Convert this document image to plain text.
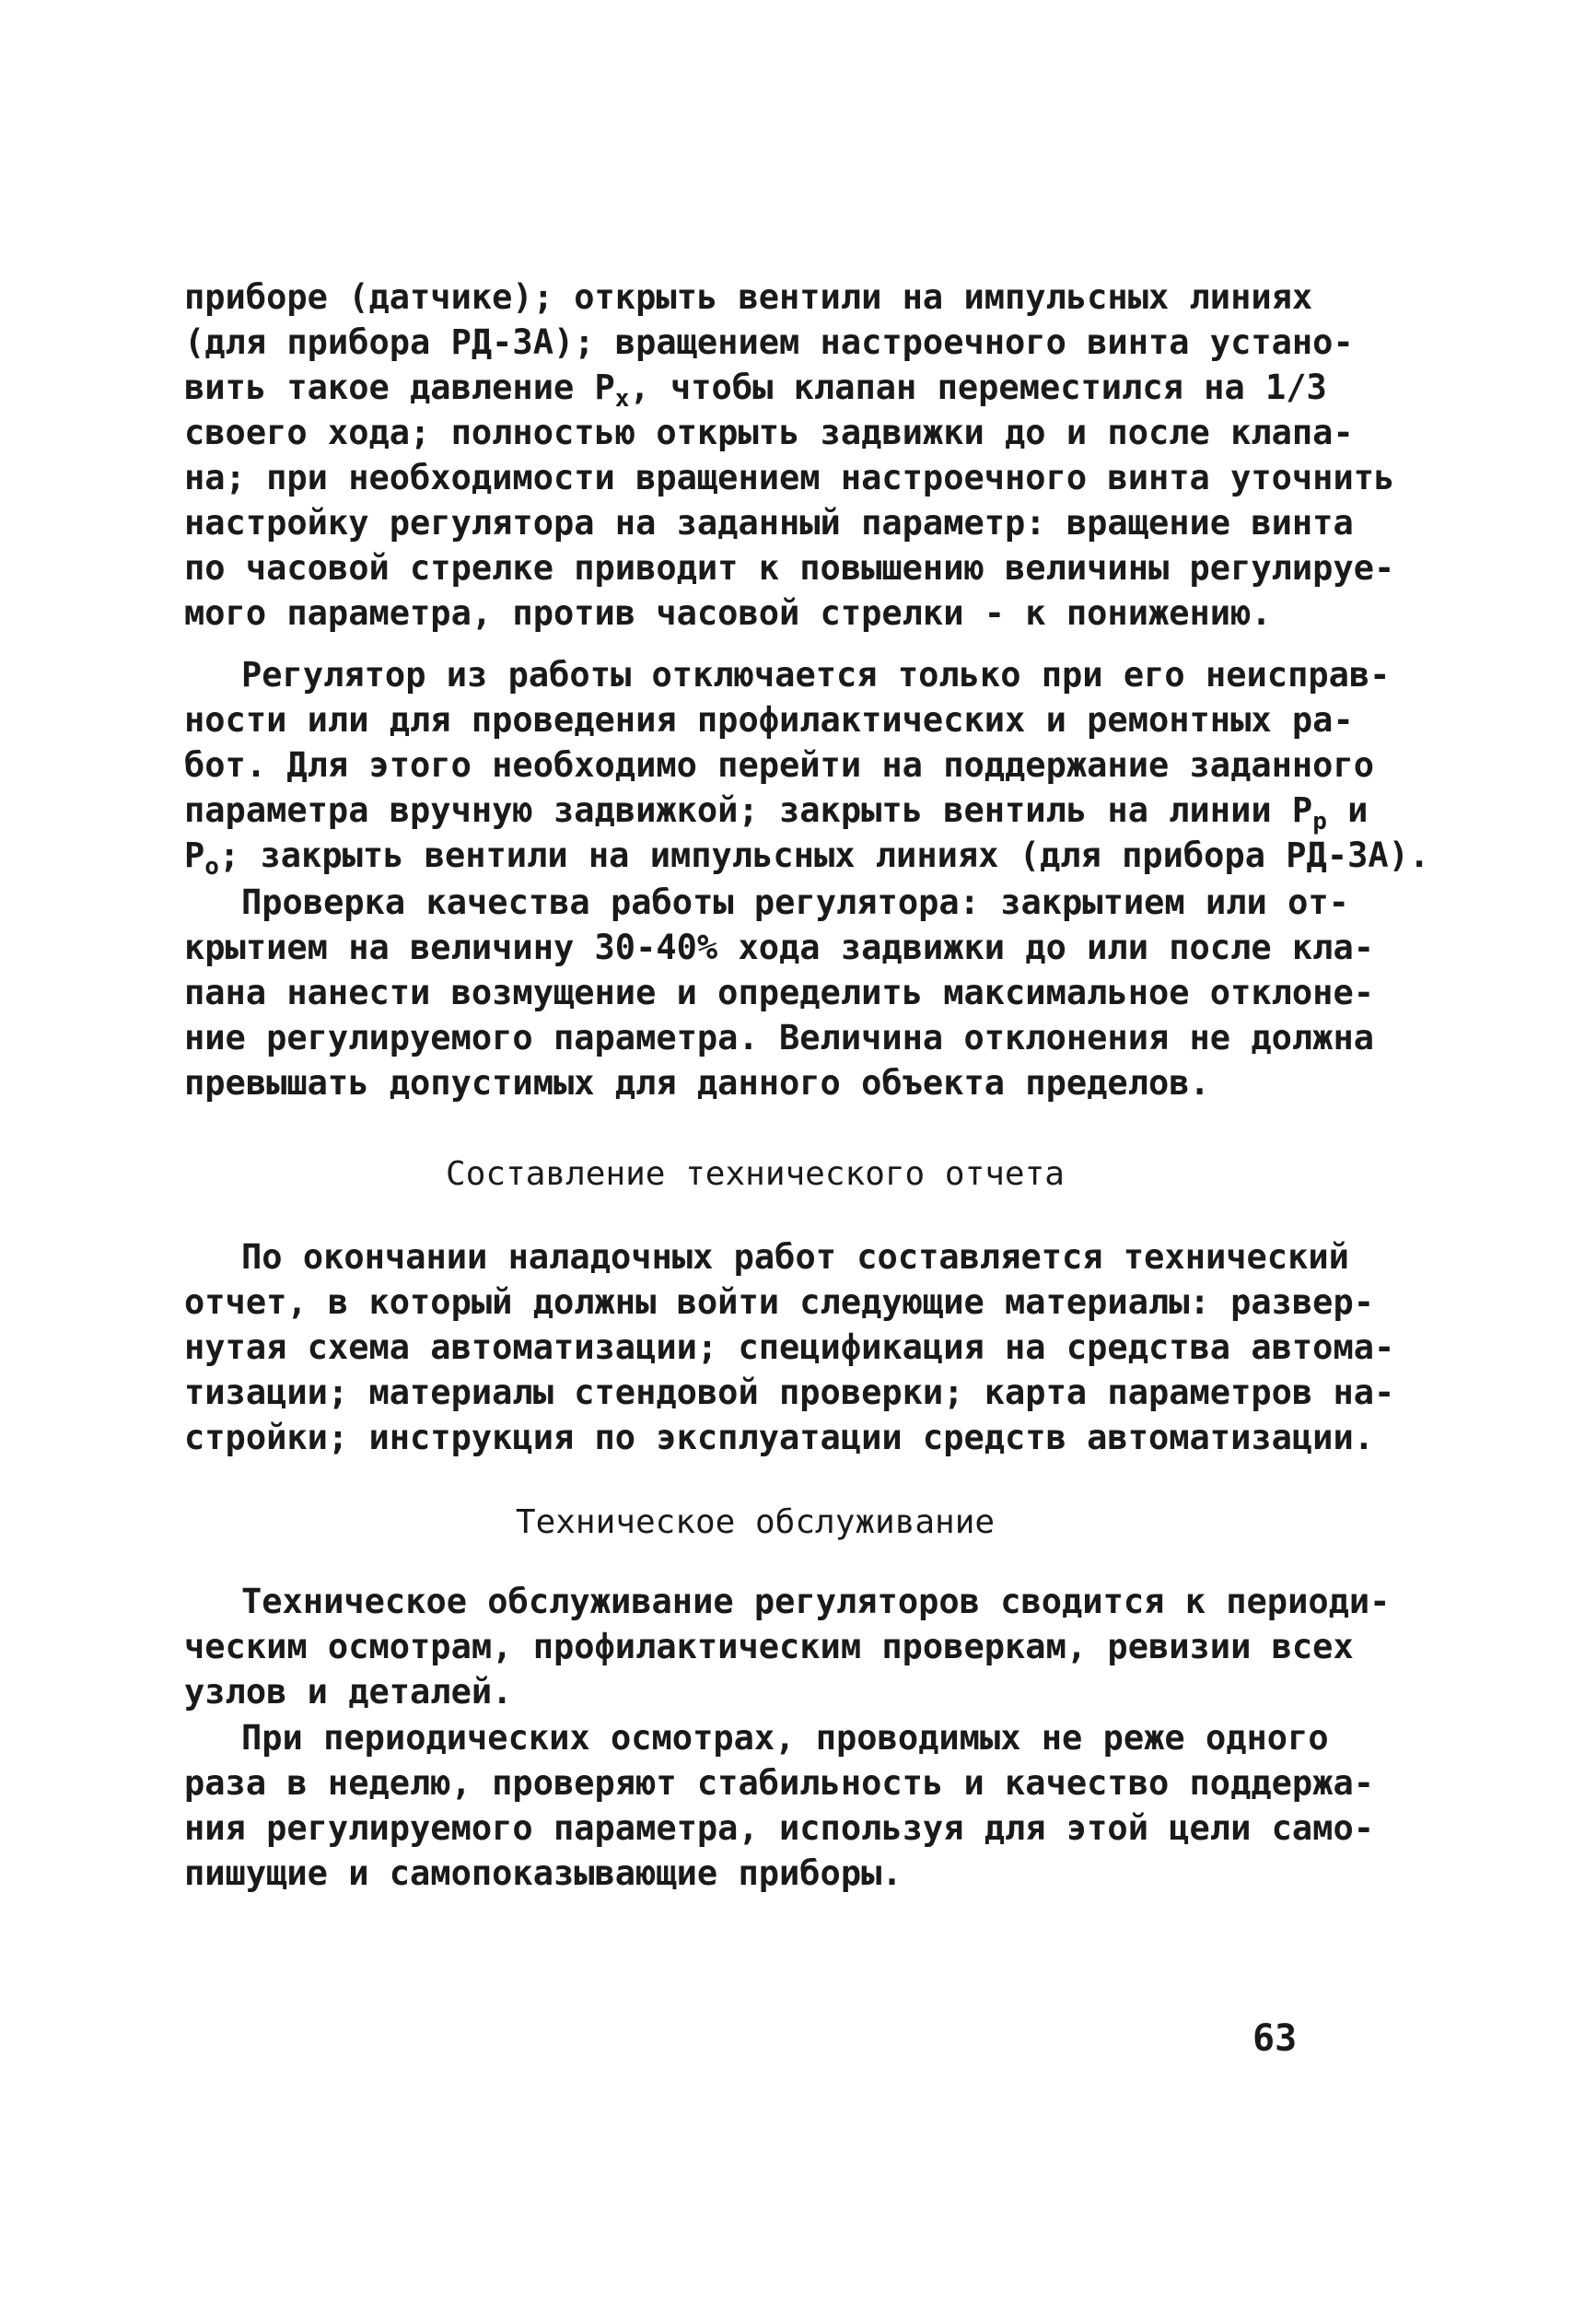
приборе (датчике); открыть вентили на импульсных линиях
(для прибора РД-3А); вращением настроечного винта устано-
вить такое давление $P_x$, чтобы клапан переместился на 1/3
своего хода; полностью открыть задвижки до и после клапа-
на; при необходимости вращением настроечного винта уточнить
настройку регулятора на заданный параметр: вращение винта
по часовой стрелке приводит к повышению величины регулируе-
мого параметра, против часовой стрелки - к понижению.

Регулятор из работы отключается только при его неисправ-
ности или для проведения профилактических и ремонтных ра-
бот. Для этого необходимо перейти на поддержание заданного
параметра вручную задвижкой; закрыть вентиль на линии $P_р$ и
$P_о$; закрыть вентили на импульсных линиях (для прибора РД-3А).

Проверка качества работы регулятора: закрытием или от-
крытием на величину 30-40% хода задвижки до или после кла-
пана нанести возмущение и определить максимальное отклоне-
ние регулируемого параметра. Величина отклонения не должна
превышать допустимых для данного объекта пределов.

Составление технического отчета

По окончании наладочных работ составляется технический
отчет, в который должны войти следующие материалы: развер-
нутая схема автоматизации; спецификация на средства автома-
тизации; материалы стендовой проверки; карта параметров на-
стройки; инструкция по эксплуатации средств автоматизации.

Техническое обслуживание

Техническое обслуживание регуляторов сводится к периоди-
ческим осмотрам, профилактическим проверкам, ревизии всех
узлов и деталей.

При периодических осмотрах, проводимых не реже одного
раза в неделю, проверяют стабильность и качество поддержа-
ния регулируемого параметра, используя для этой цели само-
пишущие и самопоказывающие приборы.

63
